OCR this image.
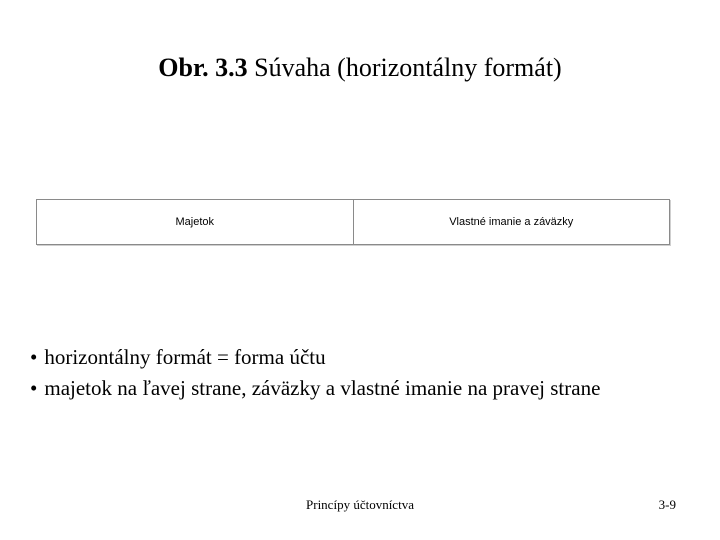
Obr. 3.3 Súvaha (horizontálny formát)
Majetok	Vlastné imanie a záväzky
• horizontálny formát = forma účtu
• majetok na ľavej strane, záväzky a vlastné imanie na pravej strane
Princípy účtovníctva	3-9
